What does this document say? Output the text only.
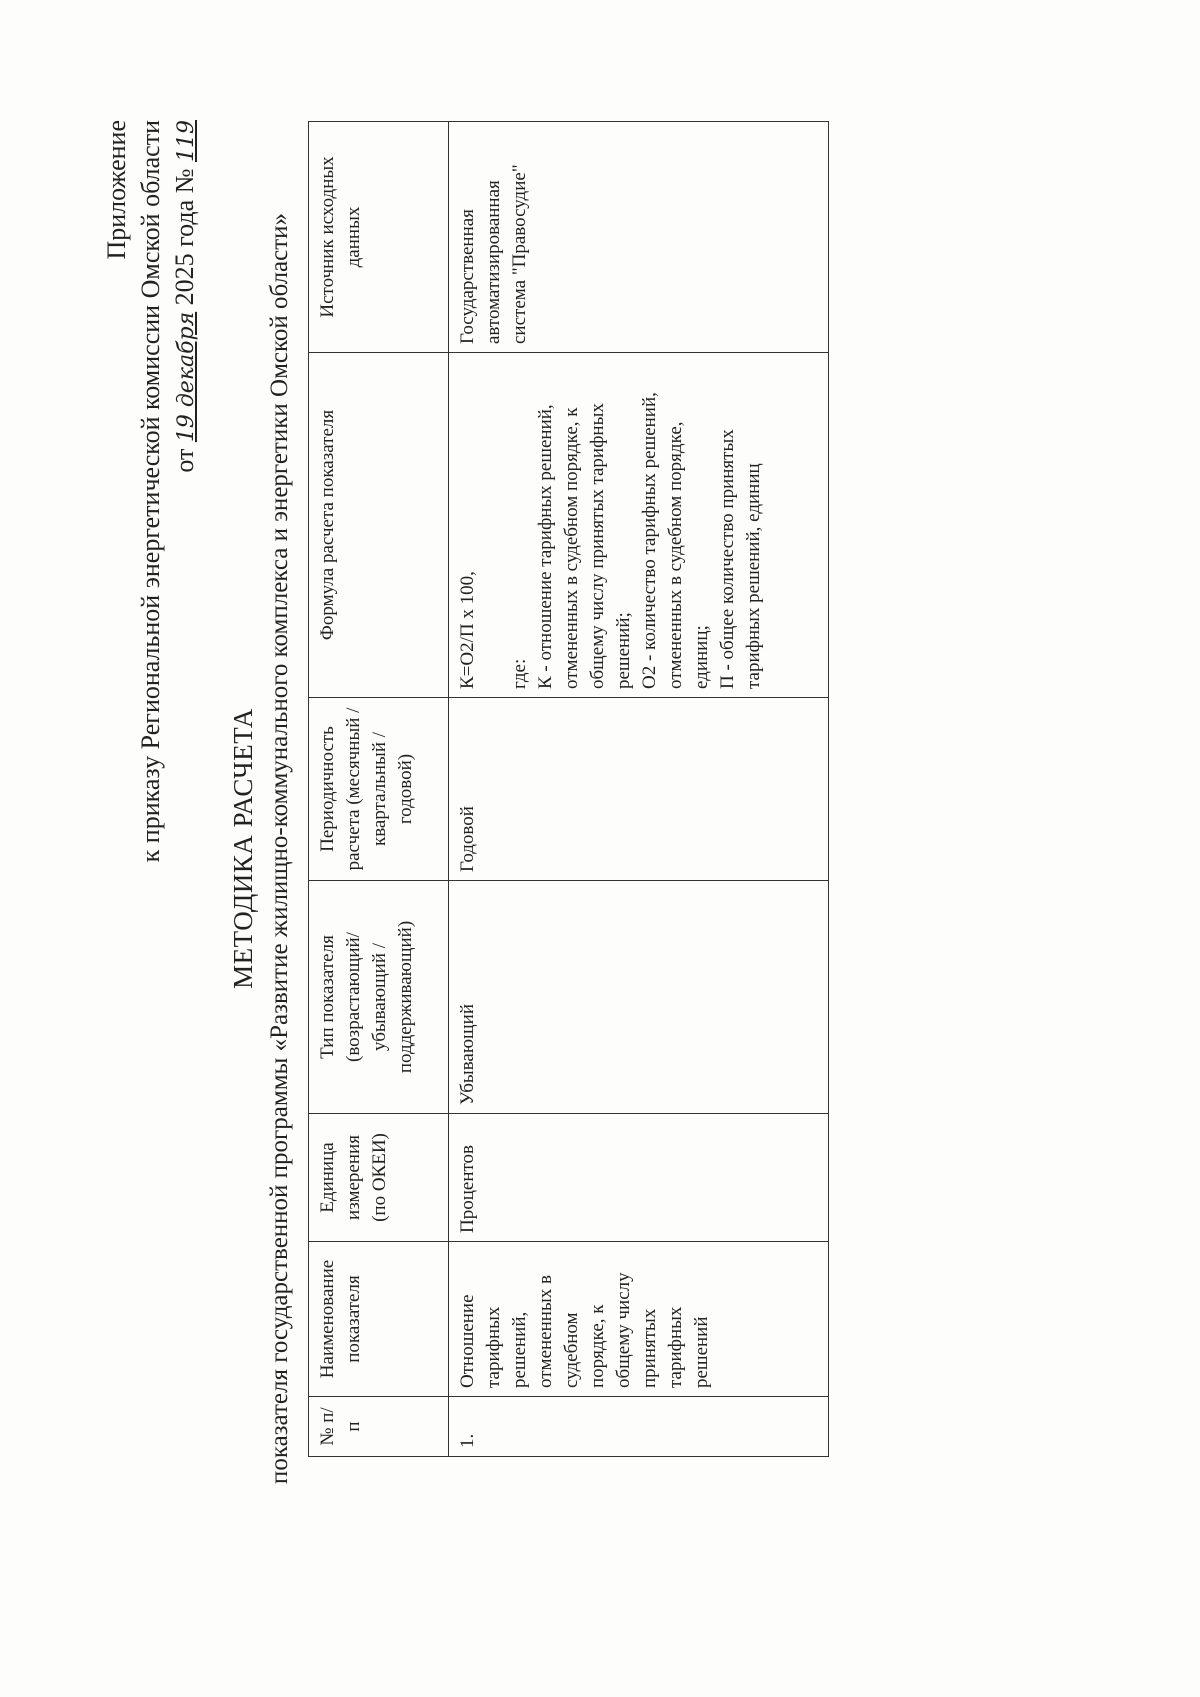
Приложение к приказу Региональной энергетической комиссии Омской области от 19 декабря 2025 года № 119
МЕТОДИКА РАСЧЕТА показателя государственной программы «Развитие жилищно-коммунального комплекса и энергетики Омской области» № п/п	Наименование показателя	Единица измерения (по ОКЕИ)	Тип показателя (возрастающий/ убывающий / поддерживающий)	Периодичность расчета (месячный / квартальный / годовой)	Формула расчета показателя	Источник исходных данных
1.	Отношение тарифных решений, отмененных в судебном порядке, к общему числу принятых тарифных решений	Процентов	Убывающий	Годовой	К=О2/П х 100, где: К - отношение тарифных решений, отмененных в судебном порядке, к общему числу принятых тарифных решений; О2 - количество тарифных решений, отмененных в судебном порядке, единиц; П - общее количество принятых тарифных решений, единиц	Государственная автоматизированная система "Правосудие"
